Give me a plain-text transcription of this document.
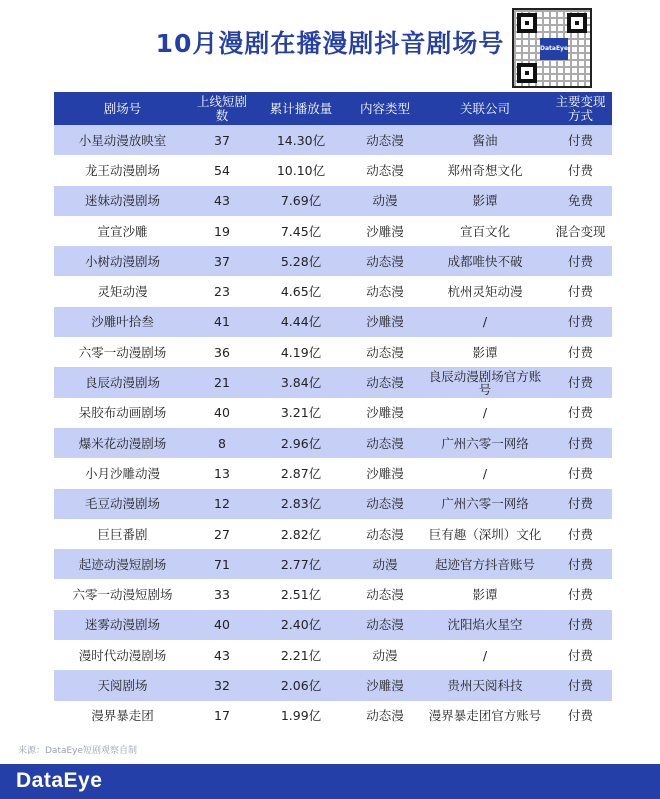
10月漫剧在播漫剧抖音剧场号	DataEye
剧场号	上线短剧数	累计播放量	内容类型	关联公司	主要变现方式
小星动漫放映室	37	14.30亿	动态漫	酱油	付费
龙王动漫剧场	54	10.10亿	动态漫	郑州奇想文化	付费
迷妹动漫剧场	43	7.69亿	动漫	影谭	免费
宣宣沙雕	19	7.45亿	沙雕漫	宣百文化	混合变现
小树动漫剧场	37	5.28亿	动态漫	成都唯快不破	付费
灵矩动漫	23	4.65亿	动态漫	杭州灵矩动漫	付费
沙雕叶拾叁	41	4.44亿	沙雕漫	/	付费
六零一动漫剧场	36	4.19亿	动态漫	影谭	付费
良辰动漫剧场	21	3.84亿	动态漫	良辰动漫剧场官方账号	付费
呆胶布动画剧场	40	3.21亿	沙雕漫	/	付费
爆米花动漫剧场	8	2.96亿	动态漫	广州六零一网络	付费
小月沙雕动漫	13	2.87亿	沙雕漫	/	付费
毛豆动漫剧场	12	2.83亿	动态漫	广州六零一网络	付费
巨巨番剧	27	2.82亿	动态漫	巨有趣（深圳）文化	付费
起迹动漫短剧场	71	2.77亿	动漫	起迹官方抖音账号	付费
六零一动漫短剧场	33	2.51亿	动态漫	影谭	付费
迷雾动漫剧场	40	2.40亿	动态漫	沈阳焰火星空	付费
漫时代动漫剧场	43	2.21亿	动漫	/	付费
天阅剧场	32	2.06亿	沙雕漫	贵州天阅科技	付费
漫界暴走团	17	1.99亿	动态漫	漫界暴走团官方账号	付费
来源：DataEye短剧观察自制
DataEye
